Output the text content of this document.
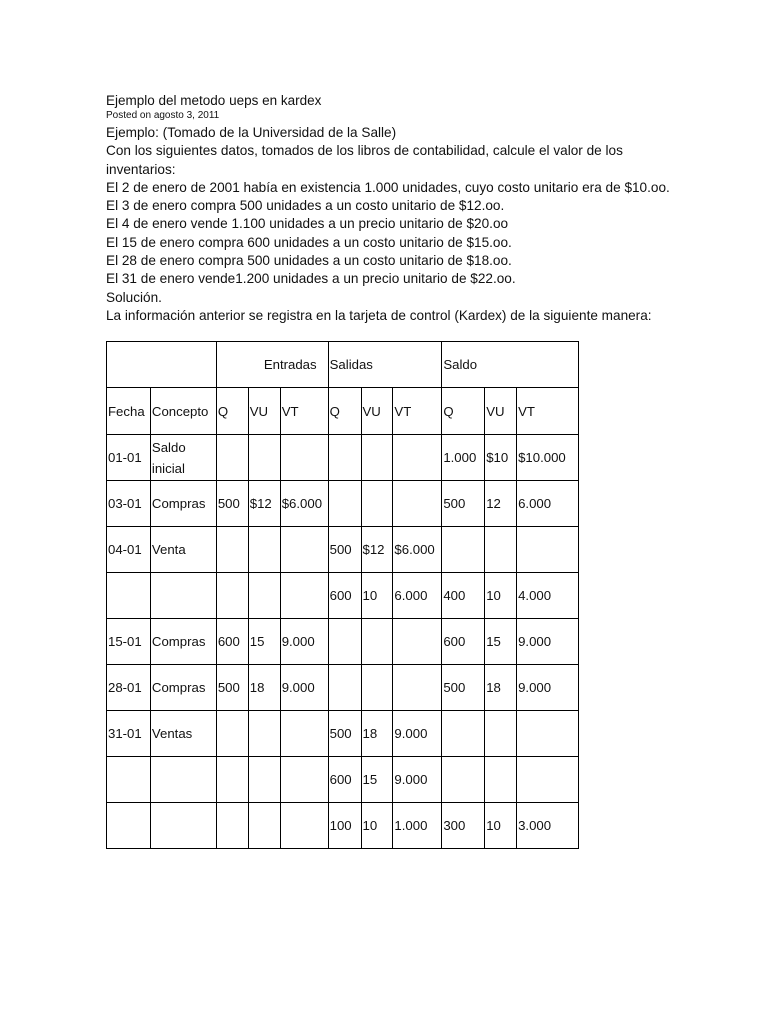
Ejemplo del metodo ueps en kardex
Posted on agosto 3, 2011

Ejemplo: (Tomado de la Universidad de la Salle)

Con los siguientes datos, tomados de los libros de contabilidad, calcule el valor de los

inventarios:

El 2 de enero de 2001 había en existencia 1.000 unidades, cuyo costo unitario era de $10.oo.

El 3 de enero compra 500 unidades a un costo unitario de $12.oo.

El 4 de enero vende 1.100 unidades a un precio unitario de $20.oo

El 15 de enero compra 600 unidades a un costo unitario de $15.oo.

El 28 de enero compra 500 unidades a un costo unitario de $18.oo.

El 31 de enero vende1.200 unidades a un precio unitario de $22.oo.

Solución.

La información anterior se registra en la tarjeta de control (Kardex) de la siguiente manera:

		Entradas			Salidas			Saldo		
Fecha	Concepto	Q	VU	VT	Q	VU	VT	Q	VU	VT
01-01	Saldo inicial							1.000	$10	$10.000
03-01	Compras	500	$12	$6.000				500	12	6.000
04-01	Venta				500	$12	$6.000			
					600	10	6.000	400	10	4.000
15-01	Compras	600	15	9.000				600	15	9.000
28-01	Compras	500	18	9.000				500	18	9.000
31-01	Ventas				500	18	9.000			
					600	15	9.000			
					100	10	1.000	300	10	3.000
